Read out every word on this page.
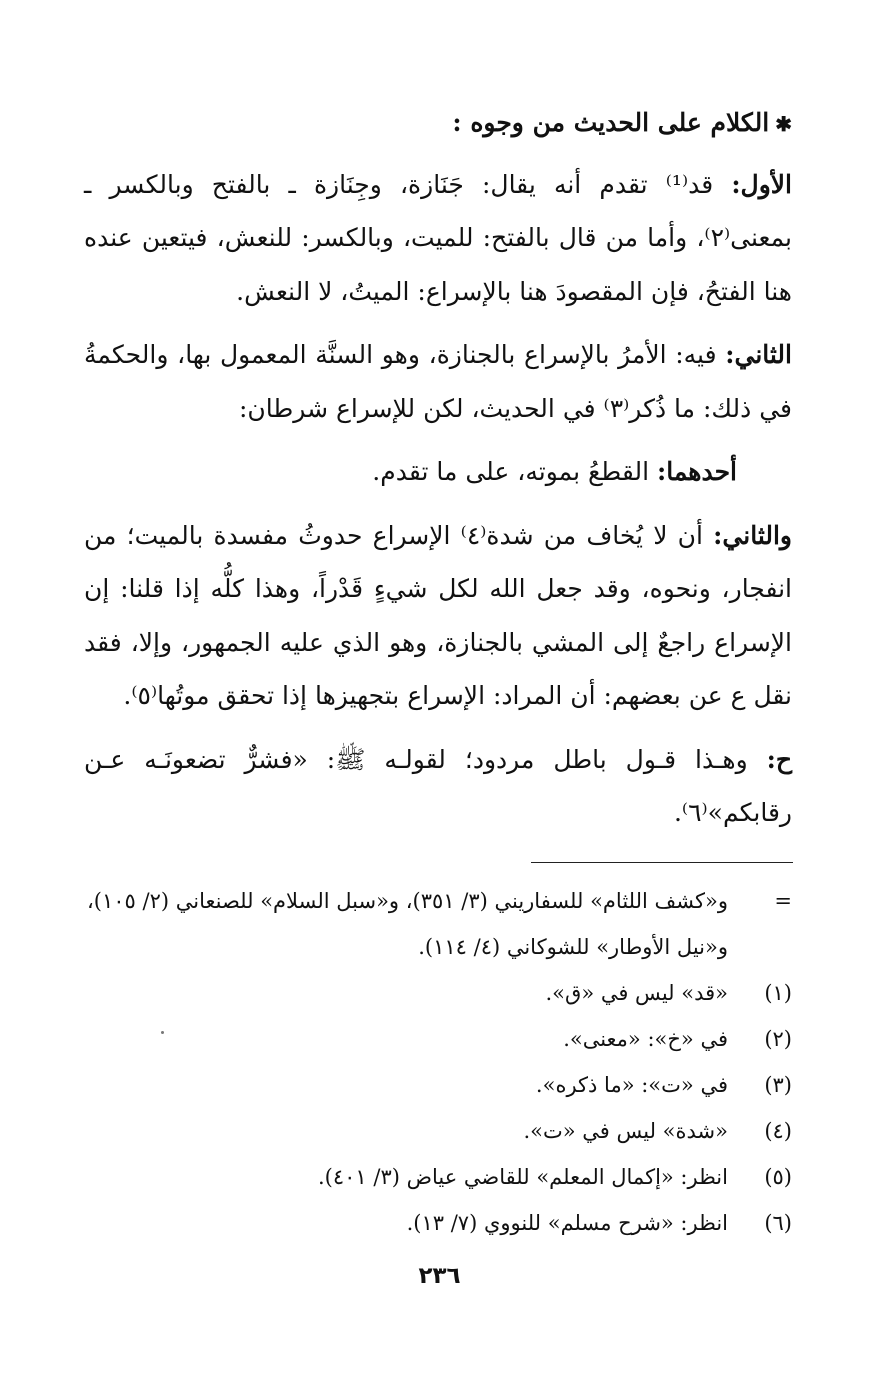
✱الكلام على الحديث من وجوه :

الأول: قد⁽¹⁾ تقدم أنه يقال: جَنَازة، وجِنَازة ـ بالفتح وبالكسر ـ بمعنى⁽٢⁾، وأما من قال بالفتح: للميت، وبالكسر: للنعش، فيتعين عنده هنا الفتحُ، فإن المقصودَ هنا بالإسراع: الميتُ، لا النعش.

الثاني: فيه: الأمرُ بالإسراع بالجنازة، وهو السنَّة المعمول بها، والحكمةُ في ذلك: ما ذُكر⁽٣⁾ في الحديث، لكن للإسراع شرطان:

أحدهما: القطعُ بموته، على ما تقدم.

والثاني: أن لا يُخاف من شدة⁽٤⁾ الإسراع حدوثُ مفسدة بالميت؛ من انفجار، ونحوه، وقد جعل الله لكل شيءٍ قَدْراً، وهذا كلُّه إذا قلنا: إن الإسراع راجعٌ إلى المشي بالجنازة، وهو الذي عليه الجمهور، وإلا، فقد نقل ع عن بعضهم: أن المراد: الإسراع بتجهيزها إذا تحقق موتُها⁽٥⁾.

ح: وهـذا قـول باطل مردود؛ لقولـه ﷺ: «فشرٌّ تضعونَـه عـن رقابكم»⁽٦⁾.

=و«كشف اللثام» للسفاريني (٣/ ٣٥١)، و«سبل السلام» للصنعاني (٢/ ١٠٥)،

و«نيل الأوطار» للشوكاني (٤/ ١١٤).

(١)«قد» ليس في «ق».

(٢)في «خ»: «معنى».

(٣)في «ت»: «ما ذكره».

(٤)«شدة» ليس في «ت».

(٥)انظر: «إكمال المعلم» للقاضي عياض (٣/ ٤٠١).

(٦)انظر: «شرح مسلم» للنووي (٧/ ١٣).

٢٣٦
